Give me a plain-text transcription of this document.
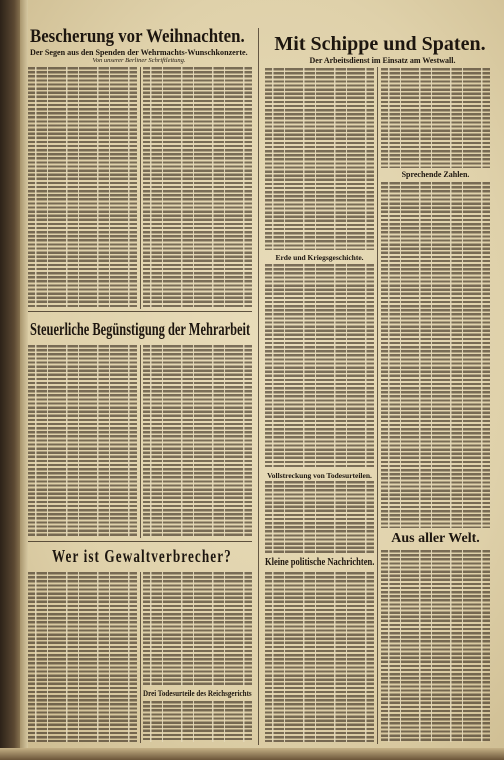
Bescherung vor Weihnachten.
Der Segen aus den Spenden der Wehrmachts-Wunschkonzerte.
Von unserer Berliner Schriftleitung.
Steuerliche Begünstigung der Mehrarbeit
Wer ist Gewaltverbrecher?
Drei Todesurteile des Reichsgerichts
Mit Schippe und Spaten.
Der Arbeitsdienst im Einsatz am Westwall.
Erde und Kriegsgeschichte.
Vollstreckung von Todesurteilen.
Kleine politische Nachrichten.
Sprechende Zahlen.
Aus aller Welt.
